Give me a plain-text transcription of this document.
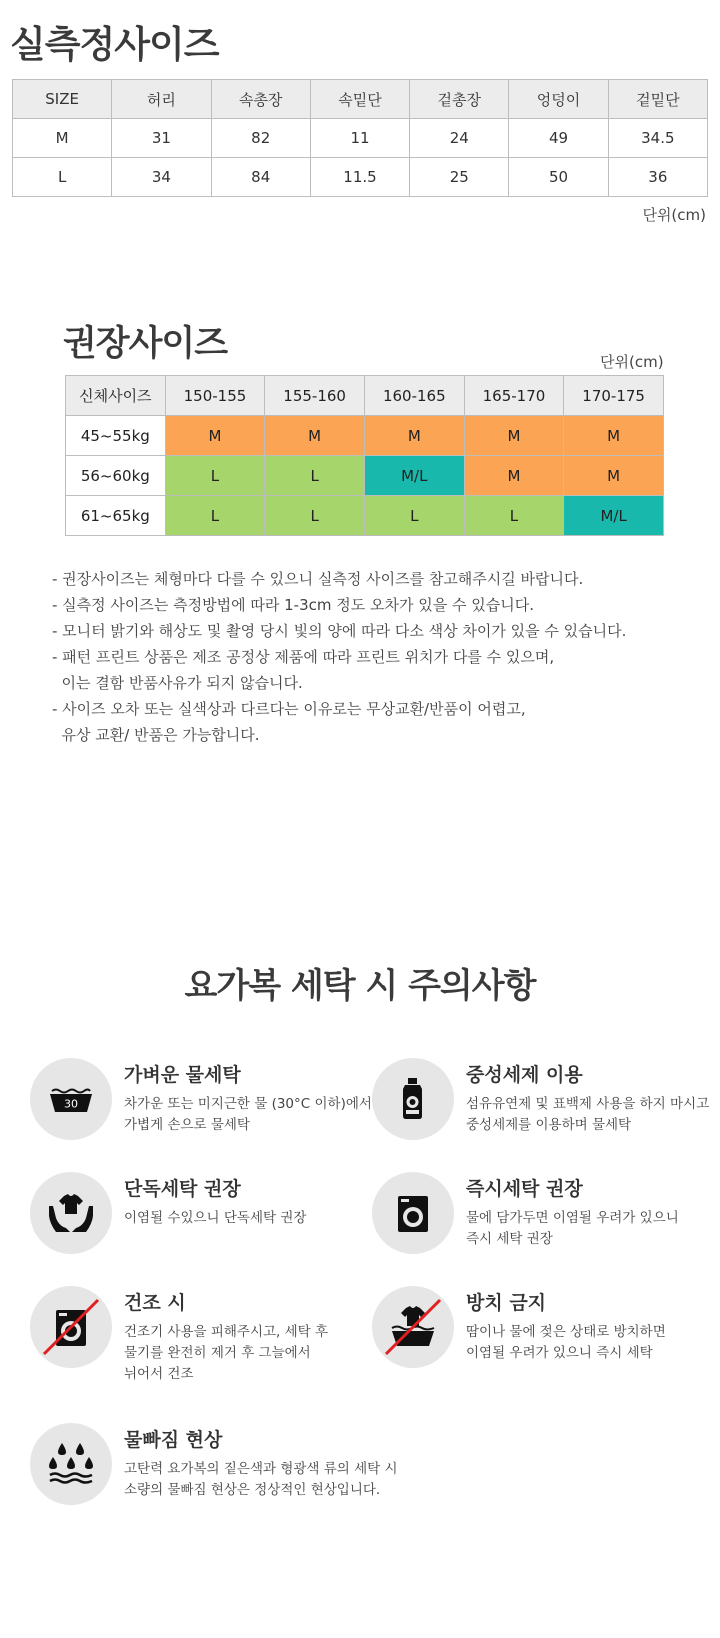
실측정사이즈
SIZE	허리	속총장	속밑단	겉총장	엉덩이	겉밑단
M	31	82	11	24	49	34.5
L	34	84	11.5	25	50	36
단위(cm)
권장사이즈	단위(cm)
신체사이즈	150-155	155-160	160-165	165-170	170-175
45~55kg	M	M	M	M	M
56~60kg	L	L	M/L	M	M
61~65kg	L	L	L	L	M/L
- 권장사이즈는 체형마다 다를 수 있으니 실측정 사이즈를 참고해주시길 바랍니다.
- 실측정 사이즈는 측정방법에 따라 1-3cm 정도 오차가 있을 수 있습니다.
- 모니터 밝기와 해상도 및 촬영 당시 빛의 양에 따라 다소 색상 차이가 있을 수 있습니다.
- 패턴 프린트 상품은 제조 공정상 제품에 따라 프린트 위치가 다를 수 있으며,
이는 결함 반품사유가 되지 않습니다.
- 사이즈 오차 또는 실색상과 다르다는 이유로는 무상교환/반품이 어렵고,
유상 교환/ 반품은 가능합니다.
요가복 세탁 시 주의사항
30
가벼운 물세탁
차가운 또는 미지근한 물 (30°C 이하)에서
가볍게 손으로 물세탁
중성세제 이용
섬유유연제 및 표백제 사용을 하지 마시고
중성세제를 이용하며 물세탁
단독세탁 권장
이염될 수있으니 단독세탁 권장
즉시세탁 권장
물에 담가두면 이염될 우려가 있으니
즉시 세탁 권장
건조 시
건조기 사용을 피해주시고, 세탁 후
물기를 완전히 제거 후 그늘에서
뉘어서 건조
방치 금지
땀이나 물에 젖은 상태로 방치하면
이염될 우려가 있으니 즉시 세탁
물빠짐 현상
고탄력 요가복의 짙은색과 형광색 류의 세탁 시
소량의 물빠짐 현상은 정상적인 현상입니다.
